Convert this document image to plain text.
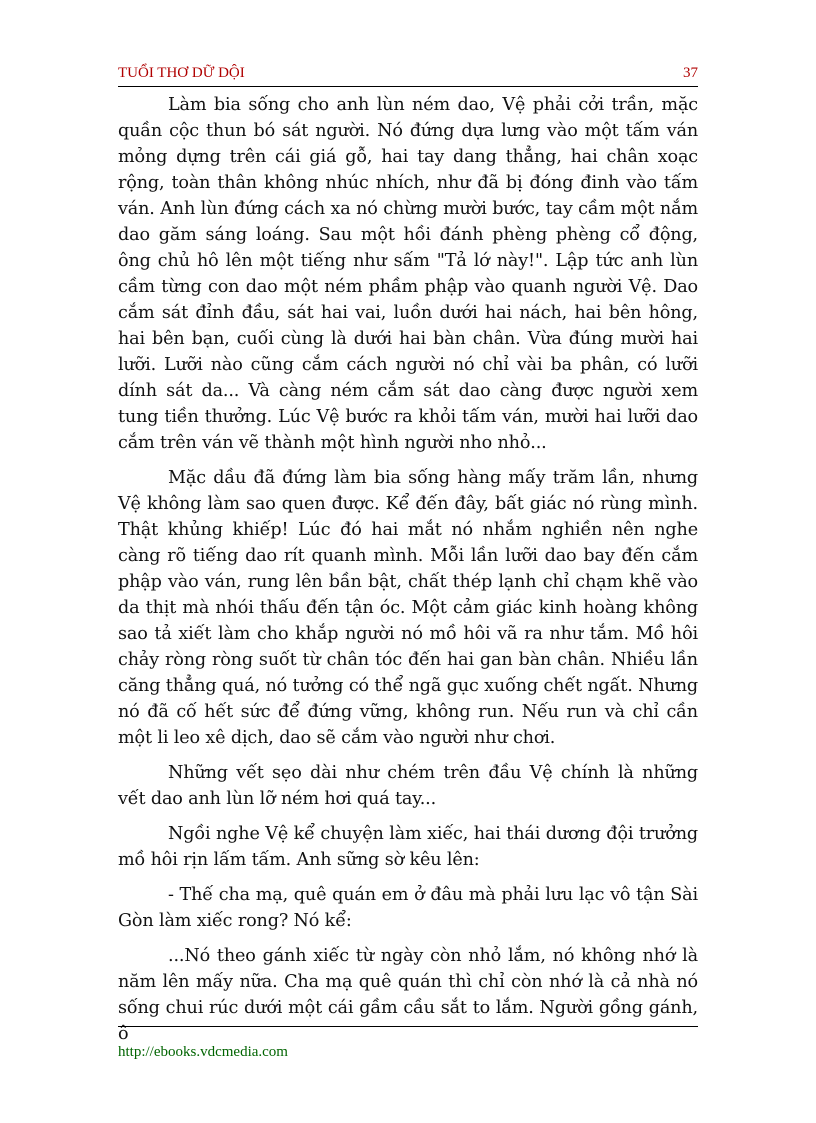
TUỔI THƠ DỮ DỘI	37

Làm bia sống cho anh lùn ném dao, Vệ phải cởi trần, mặc quần cộc thun bó sát người. Nó đứng dựa lưng vào một tấm ván mỏng dựng trên cái giá gỗ, hai tay dang thẳng, hai chân xoạc rộng, toàn thân không nhúc nhích, như đã bị đóng đinh vào tấm ván. Anh lùn đứng cách xa nó chừng mười bước, tay cầm một nắm dao găm sáng loáng. Sau một hồi đánh phèng phèng cổ động, ông chủ hô lên một tiếng như sấm "Tả lớ này!". Lập tức anh lùn cầm từng con dao một ném phầm phập vào quanh người Vệ. Dao cắm sát đỉnh đầu, sát hai vai, luồn dưới hai nách, hai bên hông, hai bên bạn, cuối cùng là dưới hai bàn chân. Vừa đúng mười hai lưỡi. Lưỡi nào cũng cắm cách người nó chỉ vài ba phân, có lưỡi dính sát da... Và càng ném cắm sát dao càng được người xem tung tiền thưởng. Lúc Vệ bước ra khỏi tấm ván, mười hai lưỡi dao cắm trên ván vẽ thành một hình người nho nhỏ...

Mặc dầu đã đứng làm bia sống hàng mấy trăm lần, nhưng Vệ không làm sao quen được. Kể đến đây, bất giác nó rùng mình. Thật khủng khiếp! Lúc đó hai mắt nó nhắm nghiền nên nghe càng rõ tiếng dao rít quanh mình. Mỗi lần lưỡi dao bay đến cắm phập vào ván, rung lên bần bật, chất thép lạnh chỉ chạm khẽ vào da thịt mà nhói thấu đến tận óc. Một cảm giác kinh hoàng không sao tả xiết làm cho khắp người nó mồ hôi vã ra như tắm. Mồ hôi chảy ròng ròng suốt từ chân tóc đến hai gan bàn chân. Nhiều lần căng thẳng quá, nó tưởng có thể ngã gục xuống chết ngất. Nhưng nó đã cố hết sức để đứng vững, không run. Nếu run và chỉ cần một li leo xê dịch, dao sẽ cắm vào người như chơi.

Những vết sẹo dài như chém trên đầu Vệ chính là những vết dao anh lùn lỡ ném hơi quá tay...

Ngồi nghe Vệ kể chuyện làm xiếc, hai thái dương đội trưởng mồ hôi rịn lấm tấm. Anh sững sờ kêu lên:

- Thế cha mạ, quê quán em ở đâu mà phải lưu lạc vô tận Sài Gòn làm xiếc rong? Nó kể:

...Nó theo gánh xiếc từ ngày còn nhỏ lắm, nó không nhớ là năm lên mấy nữa. Cha mạ quê quán thì chỉ còn nhớ là cả nhà nó sống chui rúc dưới một cái gầm cầu sắt to lắm. Người gồng gánh, ô

http://ebooks.vdcmedia.com
